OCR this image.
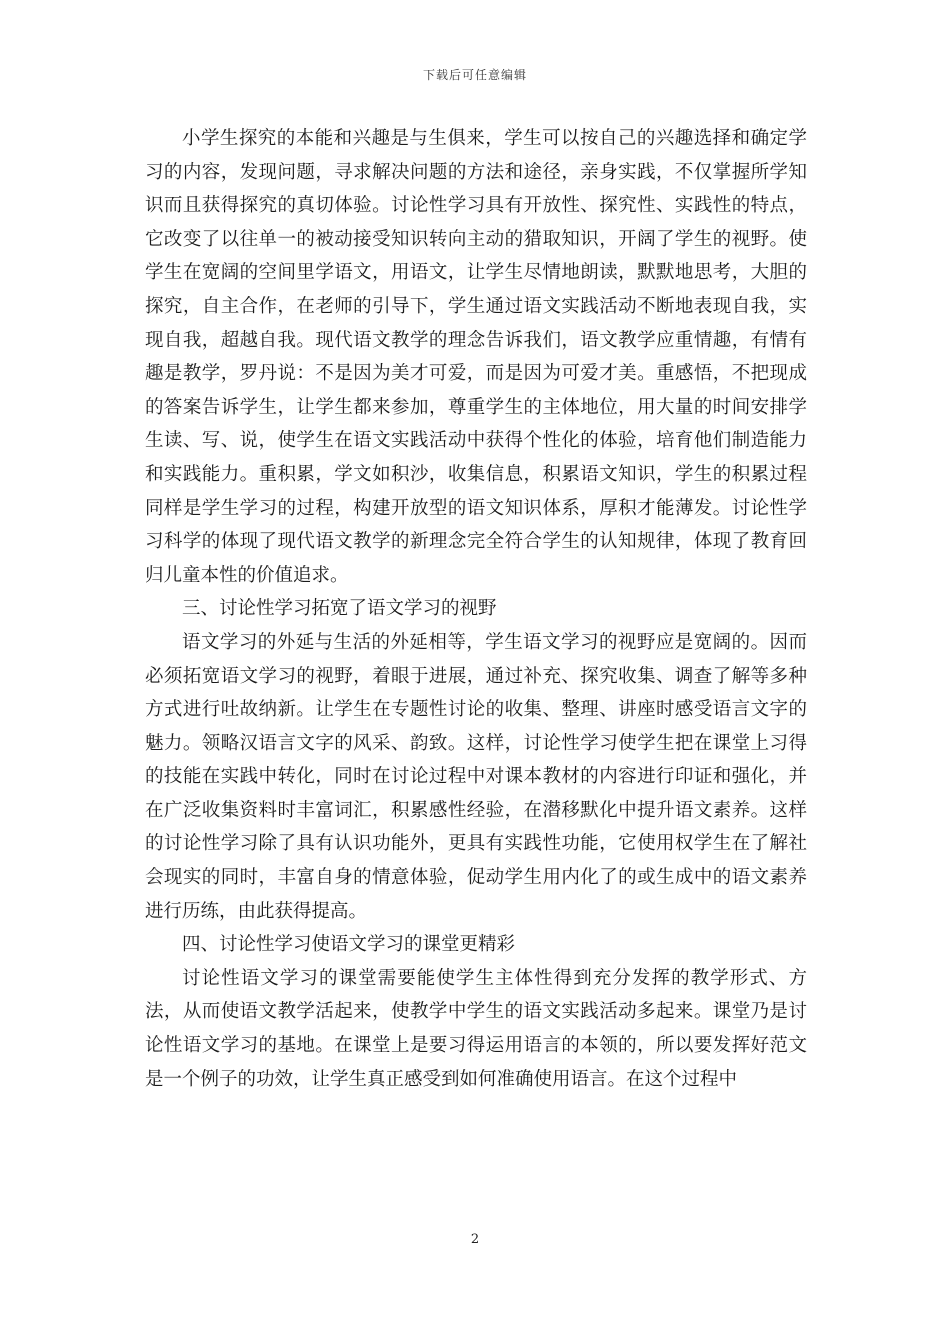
下载后可任意编辑

小学生探究的本能和兴趣是与生俱来，学生可以按自己的兴趣选择和确定学习的内容，发现问题，寻求解决问题的方法和途径，亲身实践，不仅掌握所学知识而且获得探究的真切体验。讨论性学习具有开放性、探究性、实践性的特点，它改变了以往单一的被动接受知识转向主动的猎取知识，开阔了学生的视野。使学生在宽阔的空间里学语文，用语文，让学生尽情地朗读，默默地思考，大胆的探究，自主合作，在老师的引导下，学生通过语文实践活动不断地表现自我，实现自我，超越自我。现代语文教学的理念告诉我们，语文教学应重情趣，有情有趣是教学，罗丹说：不是因为美才可爱，而是因为可爱才美。重感悟，不把现成的答案告诉学生，让学生都来参加，尊重学生的主体地位，用大量的时间安排学生读、写、说，使学生在语文实践活动中获得个性化的体验，培育他们制造能力和实践能力。重积累，学文如积沙，收集信息，积累语文知识，学生的积累过程同样是学生学习的过程，构建开放型的语文知识体系，厚积才能薄发。讨论性学习科学的体现了现代语文教学的新理念完全符合学生的认知规律，体现了教育回归儿童本性的价值追求。

三、讨论性学习拓宽了语文学习的视野

语文学习的外延与生活的外延相等，学生语文学习的视野应是宽阔的。因而必须拓宽语文学习的视野，着眼于进展，通过补充、探究收集、调查了解等多种方式进行吐故纳新。让学生在专题性讨论的收集、整理、讲座时感受语言文字的魅力。领略汉语言文字的风采、韵致。这样，讨论性学习使学生把在课堂上习得的技能在实践中转化，同时在讨论过程中对课本教材的内容进行印证和强化，并在广泛收集资料时丰富词汇，积累感性经验，在潜移默化中提升语文素养。这样的讨论性学习除了具有认识功能外，更具有实践性功能，它使用权学生在了解社会现实的同时，丰富自身的情意体验，促动学生用内化了的或生成中的语文素养进行历练，由此获得提高。

四、讨论性学习使语文学习的课堂更精彩

讨论性语文学习的课堂需要能使学生主体性得到充分发挥的教学形式、方法，从而使语文教学活起来，使教学中学生的语文实践活动多起来。课堂乃是讨论性语文学习的基地。在课堂上是要习得运用语言的本领的，所以要发挥好范文是一个例子的功效，让学生真正感受到如何准确使用语言。在这个过程中

2
